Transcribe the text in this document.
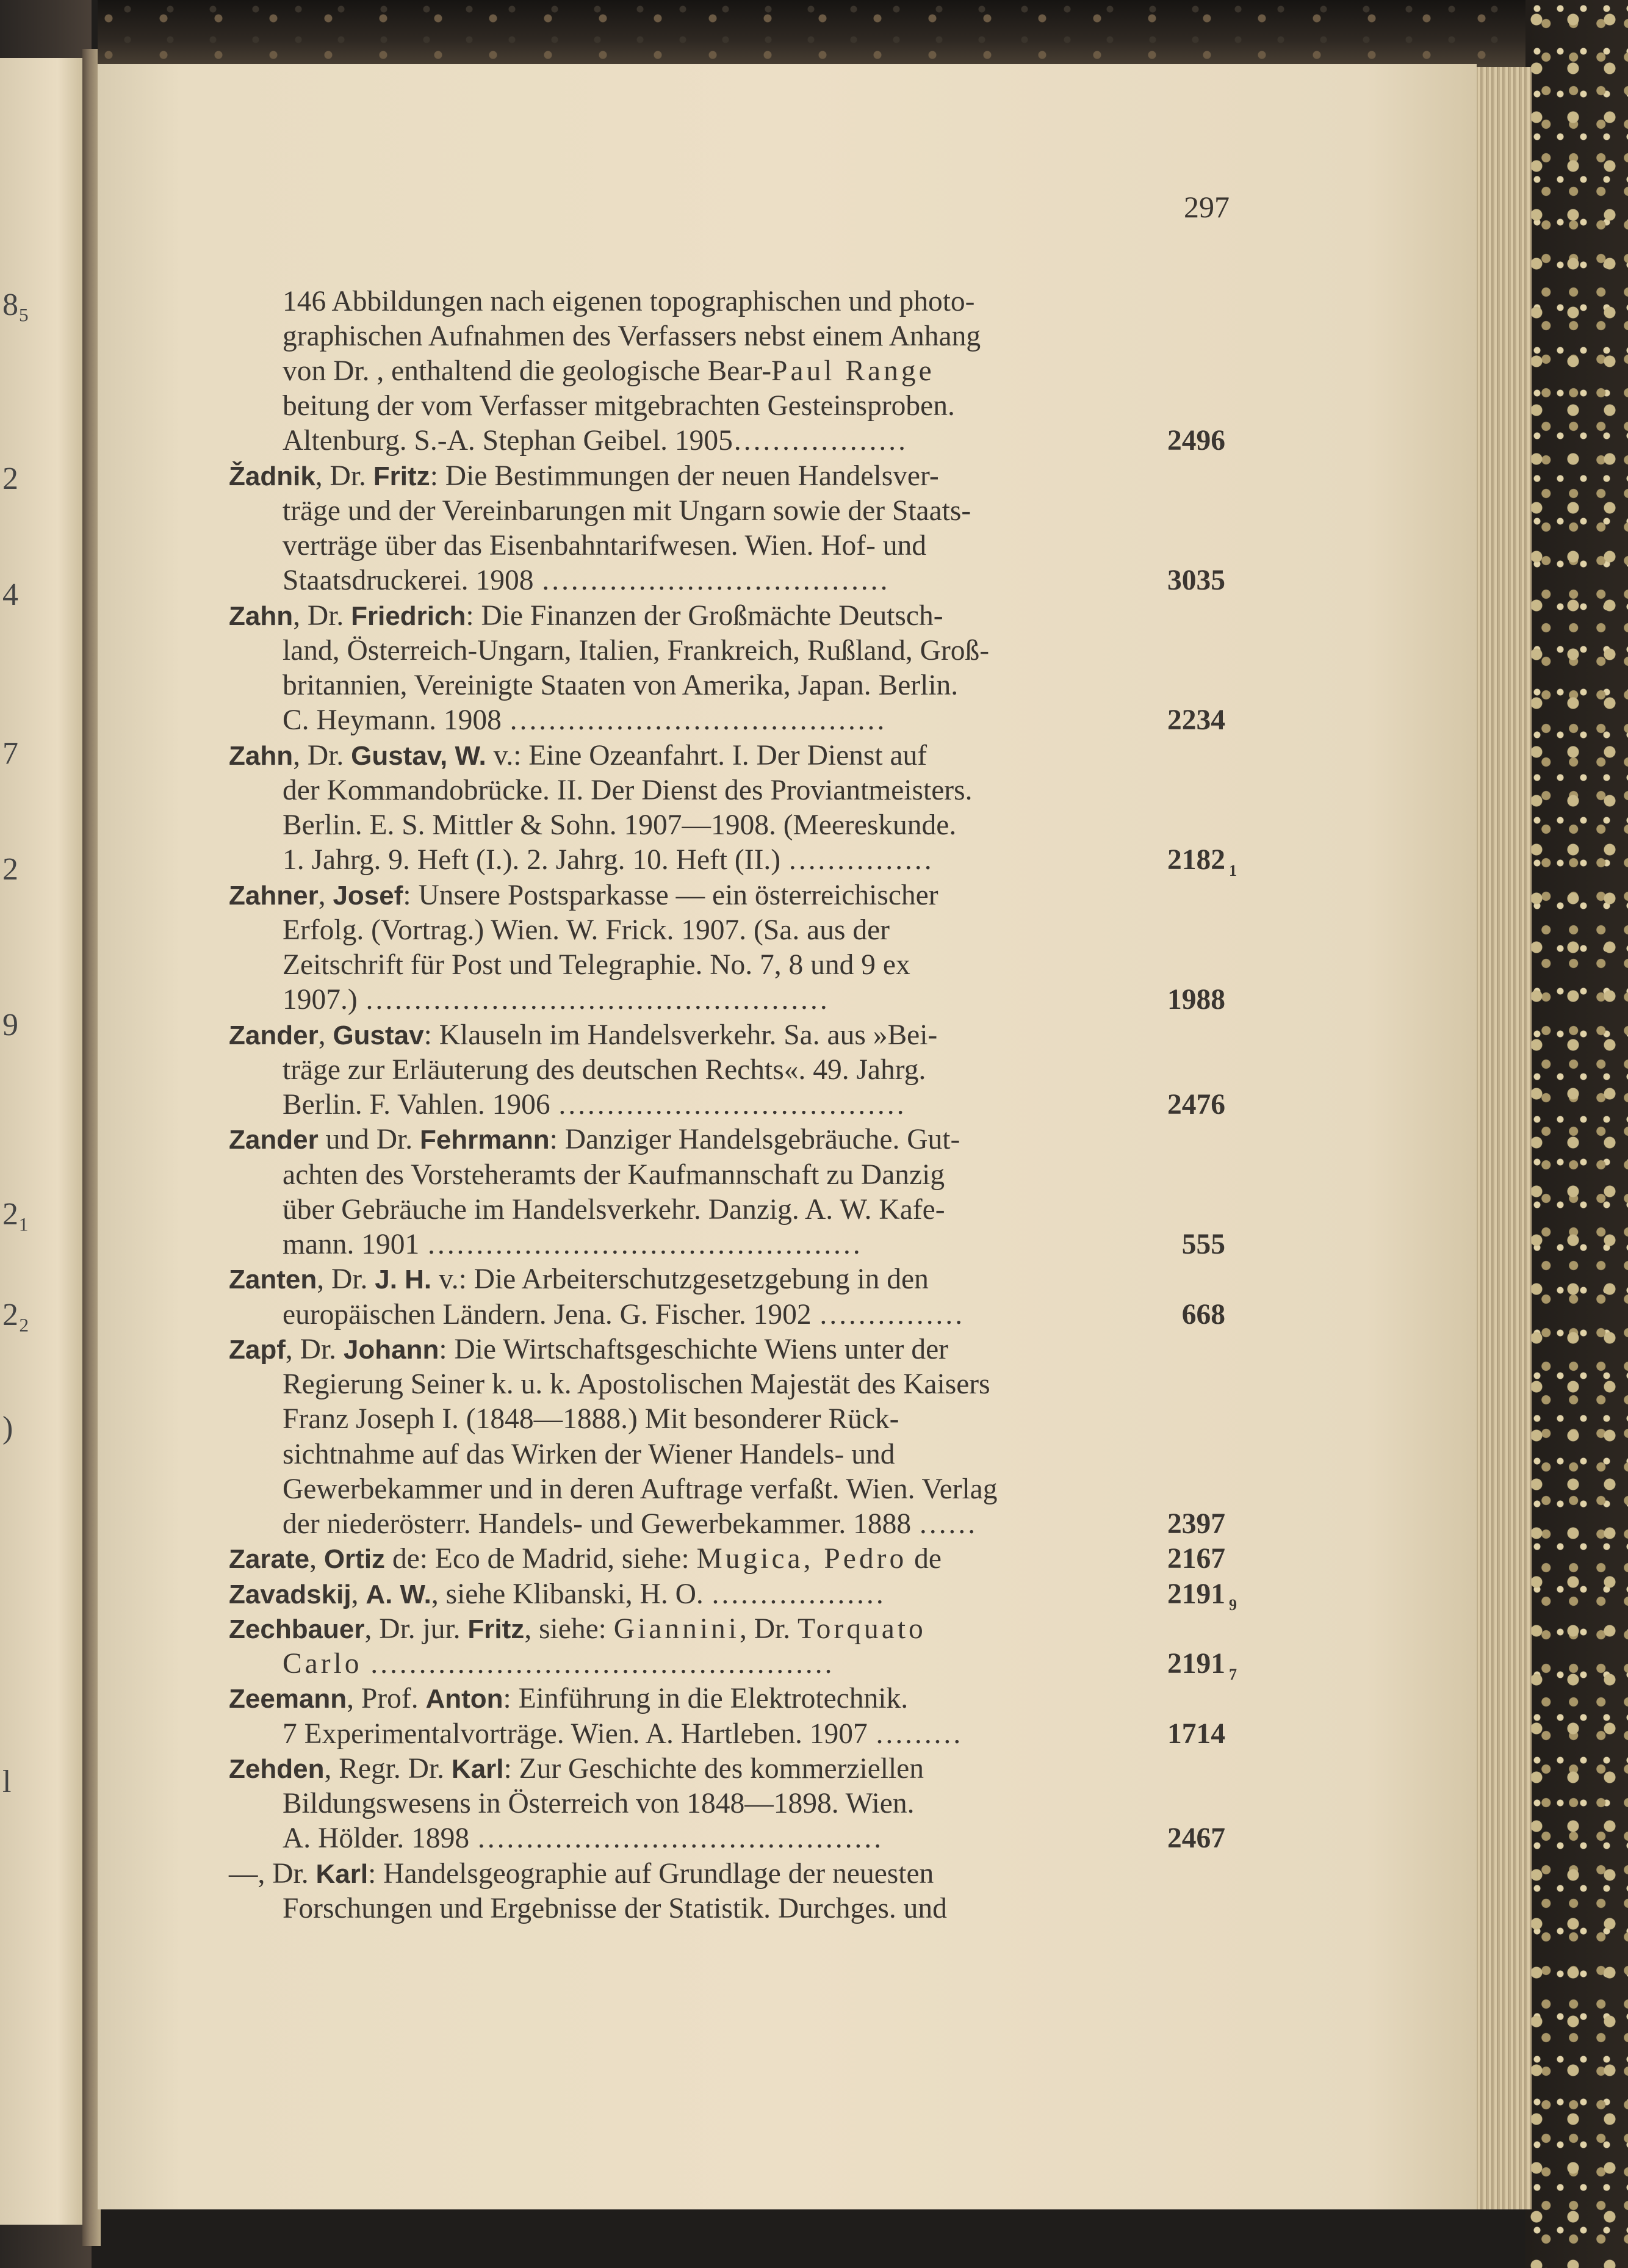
8₅
2
4
7
2
9
2₁
2₂
)
l
297
146 Abbildungen nach eigenen topographischen und photo-
graphischen Aufnahmen des Verfassers nebst einem Anhang
von Dr. , enthaltend die geologische Bear-Paul Range
beitung der vom Verfasser mitgebrachten Gesteinsproben.
Altenburg. S.-A. Stephan Geibel. 1905………………	2496
Žadnik, Dr. Fritz: Die Bestimmungen der neuen Handelsver-
träge und der Vereinbarungen mit Ungarn sowie der Staats-
verträge über das Eisenbahntarifwesen. Wien. Hof- und
Staatsdruckerei. 1908 ………………………………	3035
Zahn, Dr. Friedrich: Die Finanzen der Großmächte Deutsch-
land, Österreich-Ungarn, Italien, Frankreich, Rußland, Groß-
britannien, Vereinigte Staaten von Amerika, Japan. Berlin.
C. Heymann. 1908 …………………………………	2234
Zahn, Dr. Gustav, W. v.: Eine Ozeanfahrt. I. Der Dienst auf
der Kommandobrücke. II. Der Dienst des Proviantmeisters.
Berlin. E. S. Mittler & Sohn. 1907—1908. (Meereskunde.
1. Jahrg. 9. Heft (I.). 2. Jahrg. 10. Heft (II.) ……………	2182 1
Zahner, Josef: Unsere Postsparkasse — ein österreichischer
Erfolg. (Vortrag.) Wien. W. Frick. 1907. (Sa. aus der
Zeitschrift für Post und Telegraphie. No. 7, 8 und 9 ex
1907.) …………………………………………	1988
Zander, Gustav: Klauseln im Handelsverkehr. Sa. aus »Bei-
träge zur Erläuterung des deutschen Rechts«. 49. Jahrg.
Berlin. F. Vahlen. 1906 ………………………………	2476
Zander und Dr. Fehrmann: Danziger Handelsgebräuche. Gut-
achten des Vorsteheramts der Kaufmannschaft zu Danzig
über Gebräuche im Handelsverkehr. Danzig. A. W. Kafe-
mann. 1901 ………………………………………	555
Zanten, Dr. J. H. v.: Die Arbeiterschutzgesetzgebung in den
europäischen Ländern. Jena. G. Fischer. 1902 ……………	668
Zapf, Dr. Johann: Die Wirtschaftsgeschichte Wiens unter der
Regierung Seiner k. u. k. Apostolischen Majestät des Kaisers
Franz Joseph I. (1848—1888.) Mit besonderer Rück-
sichtnahme auf das Wirken der Wiener Handels- und
Gewerbekammer und in deren Auftrage verfaßt. Wien. Verlag
der niederösterr. Handels- und Gewerbekammer. 1888 ……	2397
Zarate, Ortiz de: Eco de Madrid, siehe: Mugica, Pedro de	2167
Zavadskij, A. W., siehe Klibanski, H. O. ………………	2191 9
Zechbauer, Dr. jur. Fritz, siehe: Giannini, Dr. Torquato
Carlo …………………………………………	2191 7
Zeemann, Prof. Anton: Einführung in die Elektrotechnik.
7 Experimentalvorträge. Wien. A. Hartleben. 1907 ………	1714
Zehden, Regr. Dr. Karl: Zur Geschichte des kommerziellen
Bildungswesens in Österreich von 1848—1898. Wien.
A. Hölder. 1898 ……………………………………	2467
—, Dr. Karl: Handelsgeographie auf Grundlage der neuesten
Forschungen und Ergebnisse der Statistik. Durchges. und
